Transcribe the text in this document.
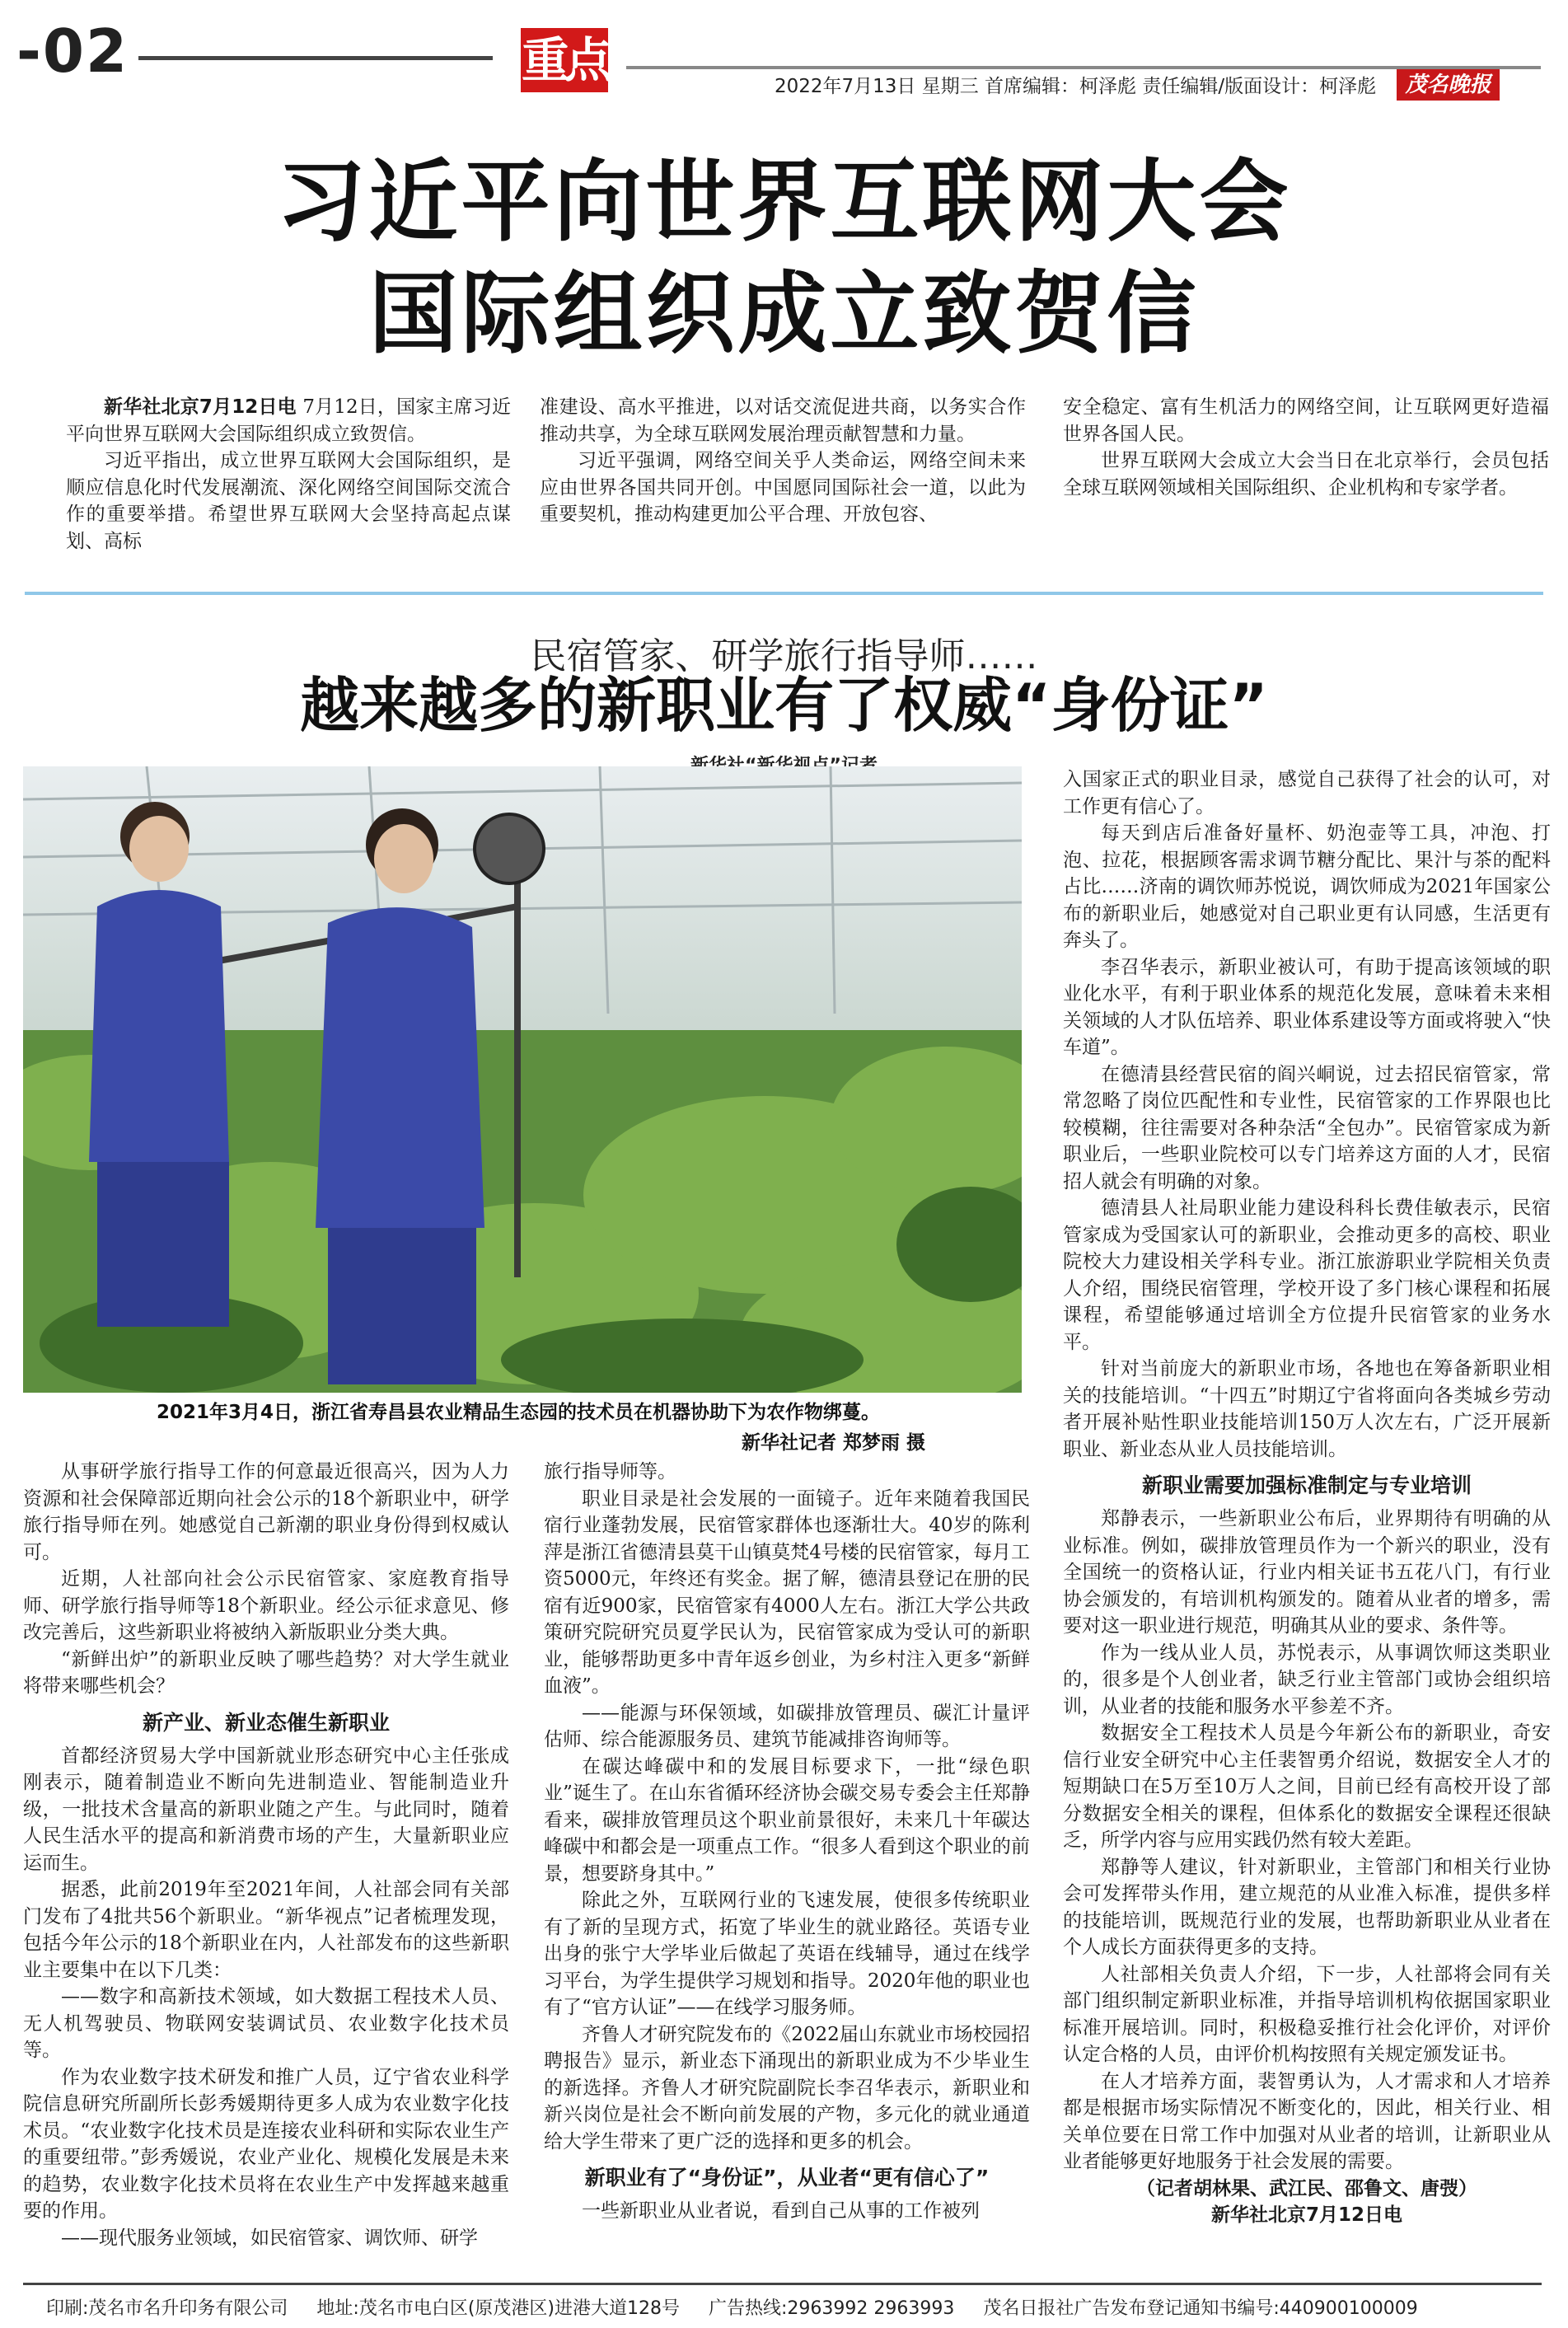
-02	重点	2022年7月13日 星期三 首席编辑：柯泽彪 责任编辑/版面设计：柯泽彪	茂名晚报
习近平向世界互联网大会
国际组织成立致贺信

新华社北京7月12日电 7月12日，国家主席习近平向世界互联网大会国际组织成立致贺信。

习近平指出，成立世界互联网大会国际组织，是顺应信息化时代发展潮流、深化网络空间国际交流合作的重要举措。希望世界互联网大会坚持高起点谋划、高标

准建设、高水平推进，以对话交流促进共商，以务实合作推动共享，为全球互联网发展治理贡献智慧和力量。

习近平强调，网络空间关乎人类命运，网络空间未来应由世界各国共同开创。中国愿同国际社会一道，以此为重要契机，推动构建更加公平合理、开放包容、

安全稳定、富有生机活力的网络空间，让互联网更好造福世界各国人民。

世界互联网大会成立大会当日在北京举行，会员包括全球互联网领域相关国际组织、企业机构和专家学者。

民宿管家、研学旅行指导师……
越来越多的新职业有了权威“身份证”
2021年3月4日，浙江省寿昌县农业精品生态园的技术员在机器协助下为农作物绑蔓。
新华社记者 郑梦雨 摄

从事研学旅行指导工作的何意最近很高兴，因为人力资源和社会保障部近期向社会公示的18个新职业中，研学旅行指导师在列。她感觉自己新潮的职业身份得到权威认可。

近期，人社部向社会公示民宿管家、家庭教育指导师、研学旅行指导师等18个新职业。经公示征求意见、修改完善后，这些新职业将被纳入新版职业分类大典。

“新鲜出炉”的新职业反映了哪些趋势？对大学生就业将带来哪些机会？

新产业、新业态催生新职业

首都经济贸易大学中国新就业形态研究中心主任张成刚表示，随着制造业不断向先进制造业、智能制造业升级，一批技术含量高的新职业随之产生。与此同时，随着人民生活水平的提高和新消费市场的产生，大量新职业应运而生。

据悉，此前2019年至2021年间，人社部会同有关部门发布了4批共56个新职业。“新华视点”记者梳理发现，包括今年公示的18个新职业在内，人社部发布的这些新职业主要集中在以下几类：

——数字和高新技术领域，如大数据工程技术人员、无人机驾驶员、物联网安装调试员、农业数字化技术员等。

作为农业数字技术研发和推广人员，辽宁省农业科学院信息研究所副所长彭秀媛期待更多人成为农业数字化技术员。“农业数字化技术员是连接农业科研和实际农业生产的重要纽带。”彭秀媛说，农业产业化、规模化发展是未来的趋势，农业数字化技术员将在农业生产中发挥越来越重要的作用。

——现代服务业领域，如民宿管家、调饮师、研学

旅行指导师等。

职业目录是社会发展的一面镜子。近年来随着我国民宿行业蓬勃发展，民宿管家群体也逐渐壮大。40岁的陈利萍是浙江省德清县莫干山镇莫梵4号楼的民宿管家，每月工资5000元，年终还有奖金。据了解，德清县登记在册的民宿有近900家，民宿管家有4000人左右。浙江大学公共政策研究院研究员夏学民认为，民宿管家成为受认可的新职业，能够帮助更多中青年返乡创业，为乡村注入更多“新鲜血液”。

——能源与环保领域，如碳排放管理员、碳汇计量评估师、综合能源服务员、建筑节能减排咨询师等。

在碳达峰碳中和的发展目标要求下，一批“绿色职业”诞生了。在山东省循环经济协会碳交易专委会主任郑静看来，碳排放管理员这个职业前景很好，未来几十年碳达峰碳中和都会是一项重点工作。“很多人看到这个职业的前景，想要跻身其中。”

除此之外，互联网行业的飞速发展，使很多传统职业有了新的呈现方式，拓宽了毕业生的就业路径。英语专业出身的张宁大学毕业后做起了英语在线辅导，通过在线学习平台，为学生提供学习规划和指导。2020年他的职业也有了“官方认证”——在线学习服务师。

齐鲁人才研究院发布的《2022届山东就业市场校园招聘报告》显示，新业态下涌现出的新职业成为不少毕业生的新选择。齐鲁人才研究院副院长李召华表示，新职业和新兴岗位是社会不断向前发展的产物，多元化的就业通道给大学生带来了更广泛的选择和更多的机会。

新职业有了“身份证”，从业者“更有信心了”

一些新职业从业者说，看到自己从事的工作被列

入国家正式的职业目录，感觉自己获得了社会的认可，对工作更有信心了。

每天到店后准备好量杯、奶泡壶等工具，冲泡、打泡、拉花，根据顾客需求调节糖分配比、果汁与茶的配料占比……济南的调饮师苏悦说，调饮师成为2021年国家公布的新职业后，她感觉对自己职业更有认同感，生活更有奔头了。

李召华表示，新职业被认可，有助于提高该领域的职业化水平，有利于职业体系的规范化发展，意味着未来相关领域的人才队伍培养、职业体系建设等方面或将驶入“快车道”。

在德清县经营民宿的阎兴峒说，过去招民宿管家，常常忽略了岗位匹配性和专业性，民宿管家的工作界限也比较模糊，往往需要对各种杂活“全包办”。民宿管家成为新职业后，一些职业院校可以专门培养这方面的人才，民宿招人就会有明确的对象。

德清县人社局职业能力建设科科长费佳敏表示，民宿管家成为受国家认可的新职业，会推动更多的高校、职业院校大力建设相关学科专业。浙江旅游职业学院相关负责人介绍，围绕民宿管理，学校开设了多门核心课程和拓展课程，希望能够通过培训全方位提升民宿管家的业务水平。

针对当前庞大的新职业市场，各地也在筹备新职业相关的技能培训。“十四五”时期辽宁省将面向各类城乡劳动者开展补贴性职业技能培训150万人次左右，广泛开展新职业、新业态从业人员技能培训。

新职业需要加强标准制定与专业培训

郑静表示，一些新职业公布后，业界期待有明确的从业标准。例如，碳排放管理员作为一个新兴的职业，没有全国统一的资格认证，行业内相关证书五花八门，有行业协会颁发的，有培训机构颁发的。随着从业者的增多，需要对这一职业进行规范，明确其从业的要求、条件等。

作为一线从业人员，苏悦表示，从事调饮师这类职业的，很多是个人创业者，缺乏行业主管部门或协会组织培训，从业者的技能和服务水平参差不齐。

数据安全工程技术人员是今年新公布的新职业，奇安信行业安全研究中心主任裴智勇介绍说，数据安全人才的短期缺口在5万至10万人之间，目前已经有高校开设了部分数据安全相关的课程，但体系化的数据安全课程还很缺乏，所学内容与应用实践仍然有较大差距。

郑静等人建议，针对新职业，主管部门和相关行业协会可发挥带头作用，建立规范的从业准入标准，提供多样的技能培训，既规范行业的发展，也帮助新职业从业者在个人成长方面获得更多的支持。

人社部相关负责人介绍，下一步，人社部将会同有关部门组织制定新职业标准，并指导培训机构依据国家职业标准开展培训。同时，积极稳妥推行社会化评价，对评价认定合格的人员，由评价机构按照有关规定颁发证书。

在人才培养方面，裴智勇认为，人才需求和人才培养都是根据市场实际情况不断变化的，因此，相关行业、相关单位要在日常工作中加强对从业者的培训，让新职业从业者能够更好地服务于社会发展的需要。

（记者胡林果、武江民、邵鲁文、唐弢）

新华社北京7月12日电

印刷:茂名市名升印务有限公司 地址:茂名市电白区(原茂港区)进港大道128号 广告热线:2963992 2963993 茂名日报社广告发布登记通知书编号:440900100009
